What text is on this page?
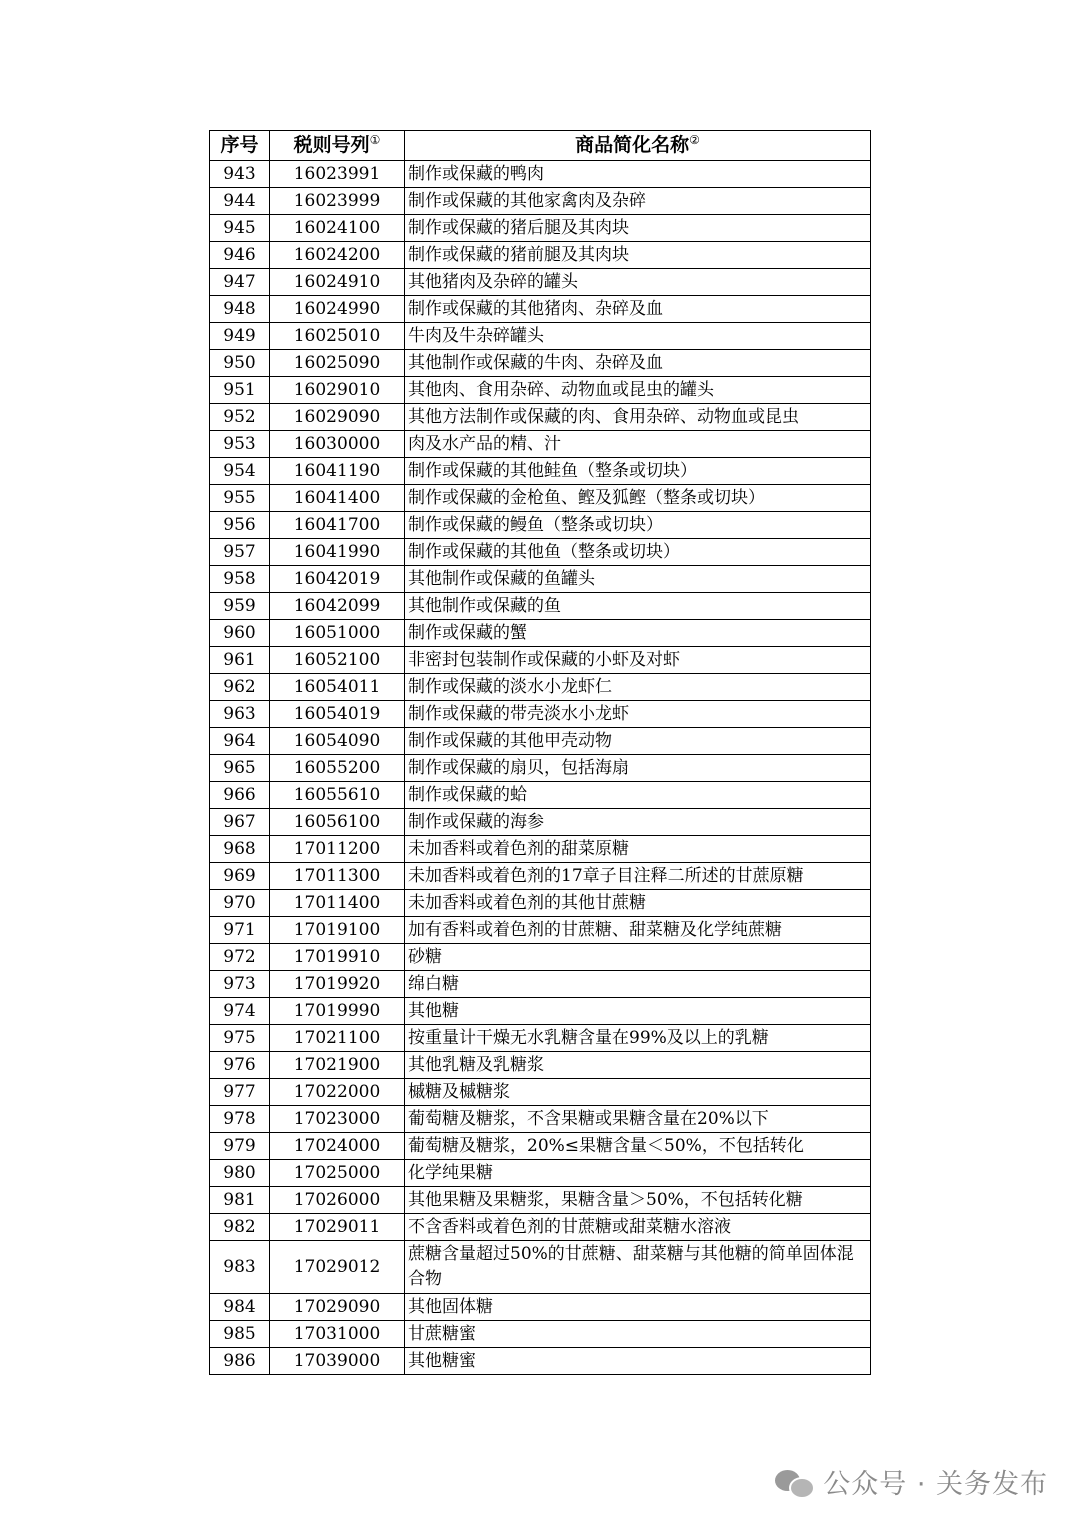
序号	税则号列①	商品简化名称②
943	16023991	制作或保藏的鸭肉
944	16023999	制作或保藏的其他家禽肉及杂碎
945	16024100	制作或保藏的猪后腿及其肉块
946	16024200	制作或保藏的猪前腿及其肉块
947	16024910	其他猪肉及杂碎的罐头
948	16024990	制作或保藏的其他猪肉、杂碎及血
949	16025010	牛肉及牛杂碎罐头
950	16025090	其他制作或保藏的牛肉、杂碎及血
951	16029010	其他肉、食用杂碎、动物血或昆虫的罐头
952	16029090	其他方法制作或保藏的肉、食用杂碎、动物血或昆虫
953	16030000	肉及水产品的精、汁
954	16041190	制作或保藏的其他鲑鱼（整条或切块）
955	16041400	制作或保藏的金枪鱼、鲣及狐鲣（整条或切块）
956	16041700	制作或保藏的鳗鱼（整条或切块）
957	16041990	制作或保藏的其他鱼（整条或切块）
958	16042019	其他制作或保藏的鱼罐头
959	16042099	其他制作或保藏的鱼
960	16051000	制作或保藏的蟹
961	16052100	非密封包装制作或保藏的小虾及对虾
962	16054011	制作或保藏的淡水小龙虾仁
963	16054019	制作或保藏的带壳淡水小龙虾
964	16054090	制作或保藏的其他甲壳动物
965	16055200	制作或保藏的扇贝，包括海扇
966	16055610	制作或保藏的蛤
967	16056100	制作或保藏的海参
968	17011200	未加香料或着色剂的甜菜原糖
969	17011300	未加香料或着色剂的17章子目注释二所述的甘蔗原糖
970	17011400	未加香料或着色剂的其他甘蔗糖
971	17019100	加有香料或着色剂的甘蔗糖、甜菜糖及化学纯蔗糖
972	17019910	砂糖
973	17019920	绵白糖
974	17019990	其他糖
975	17021100	按重量计干燥无水乳糖含量在99%及以上的乳糖
976	17021900	其他乳糖及乳糖浆
977	17022000	槭糖及槭糖浆
978	17023000	葡萄糖及糖浆，不含果糖或果糖含量在20%以下
979	17024000	葡萄糖及糖浆，20%≤果糖含量＜50%，不包括转化
980	17025000	化学纯果糖
981	17026000	其他果糖及果糖浆，果糖含量＞50%，不包括转化糖
982	17029011	不含香料或着色剂的甘蔗糖或甜菜糖水溶液
983	17029012	蔗糖含量超过50%的甘蔗糖、甜菜糖与其他糖的简单固体混合物
984	17029090	其他固体糖
985	17031000	甘蔗糖蜜
986	17039000	其他糖蜜
公众号 · 关务发布
